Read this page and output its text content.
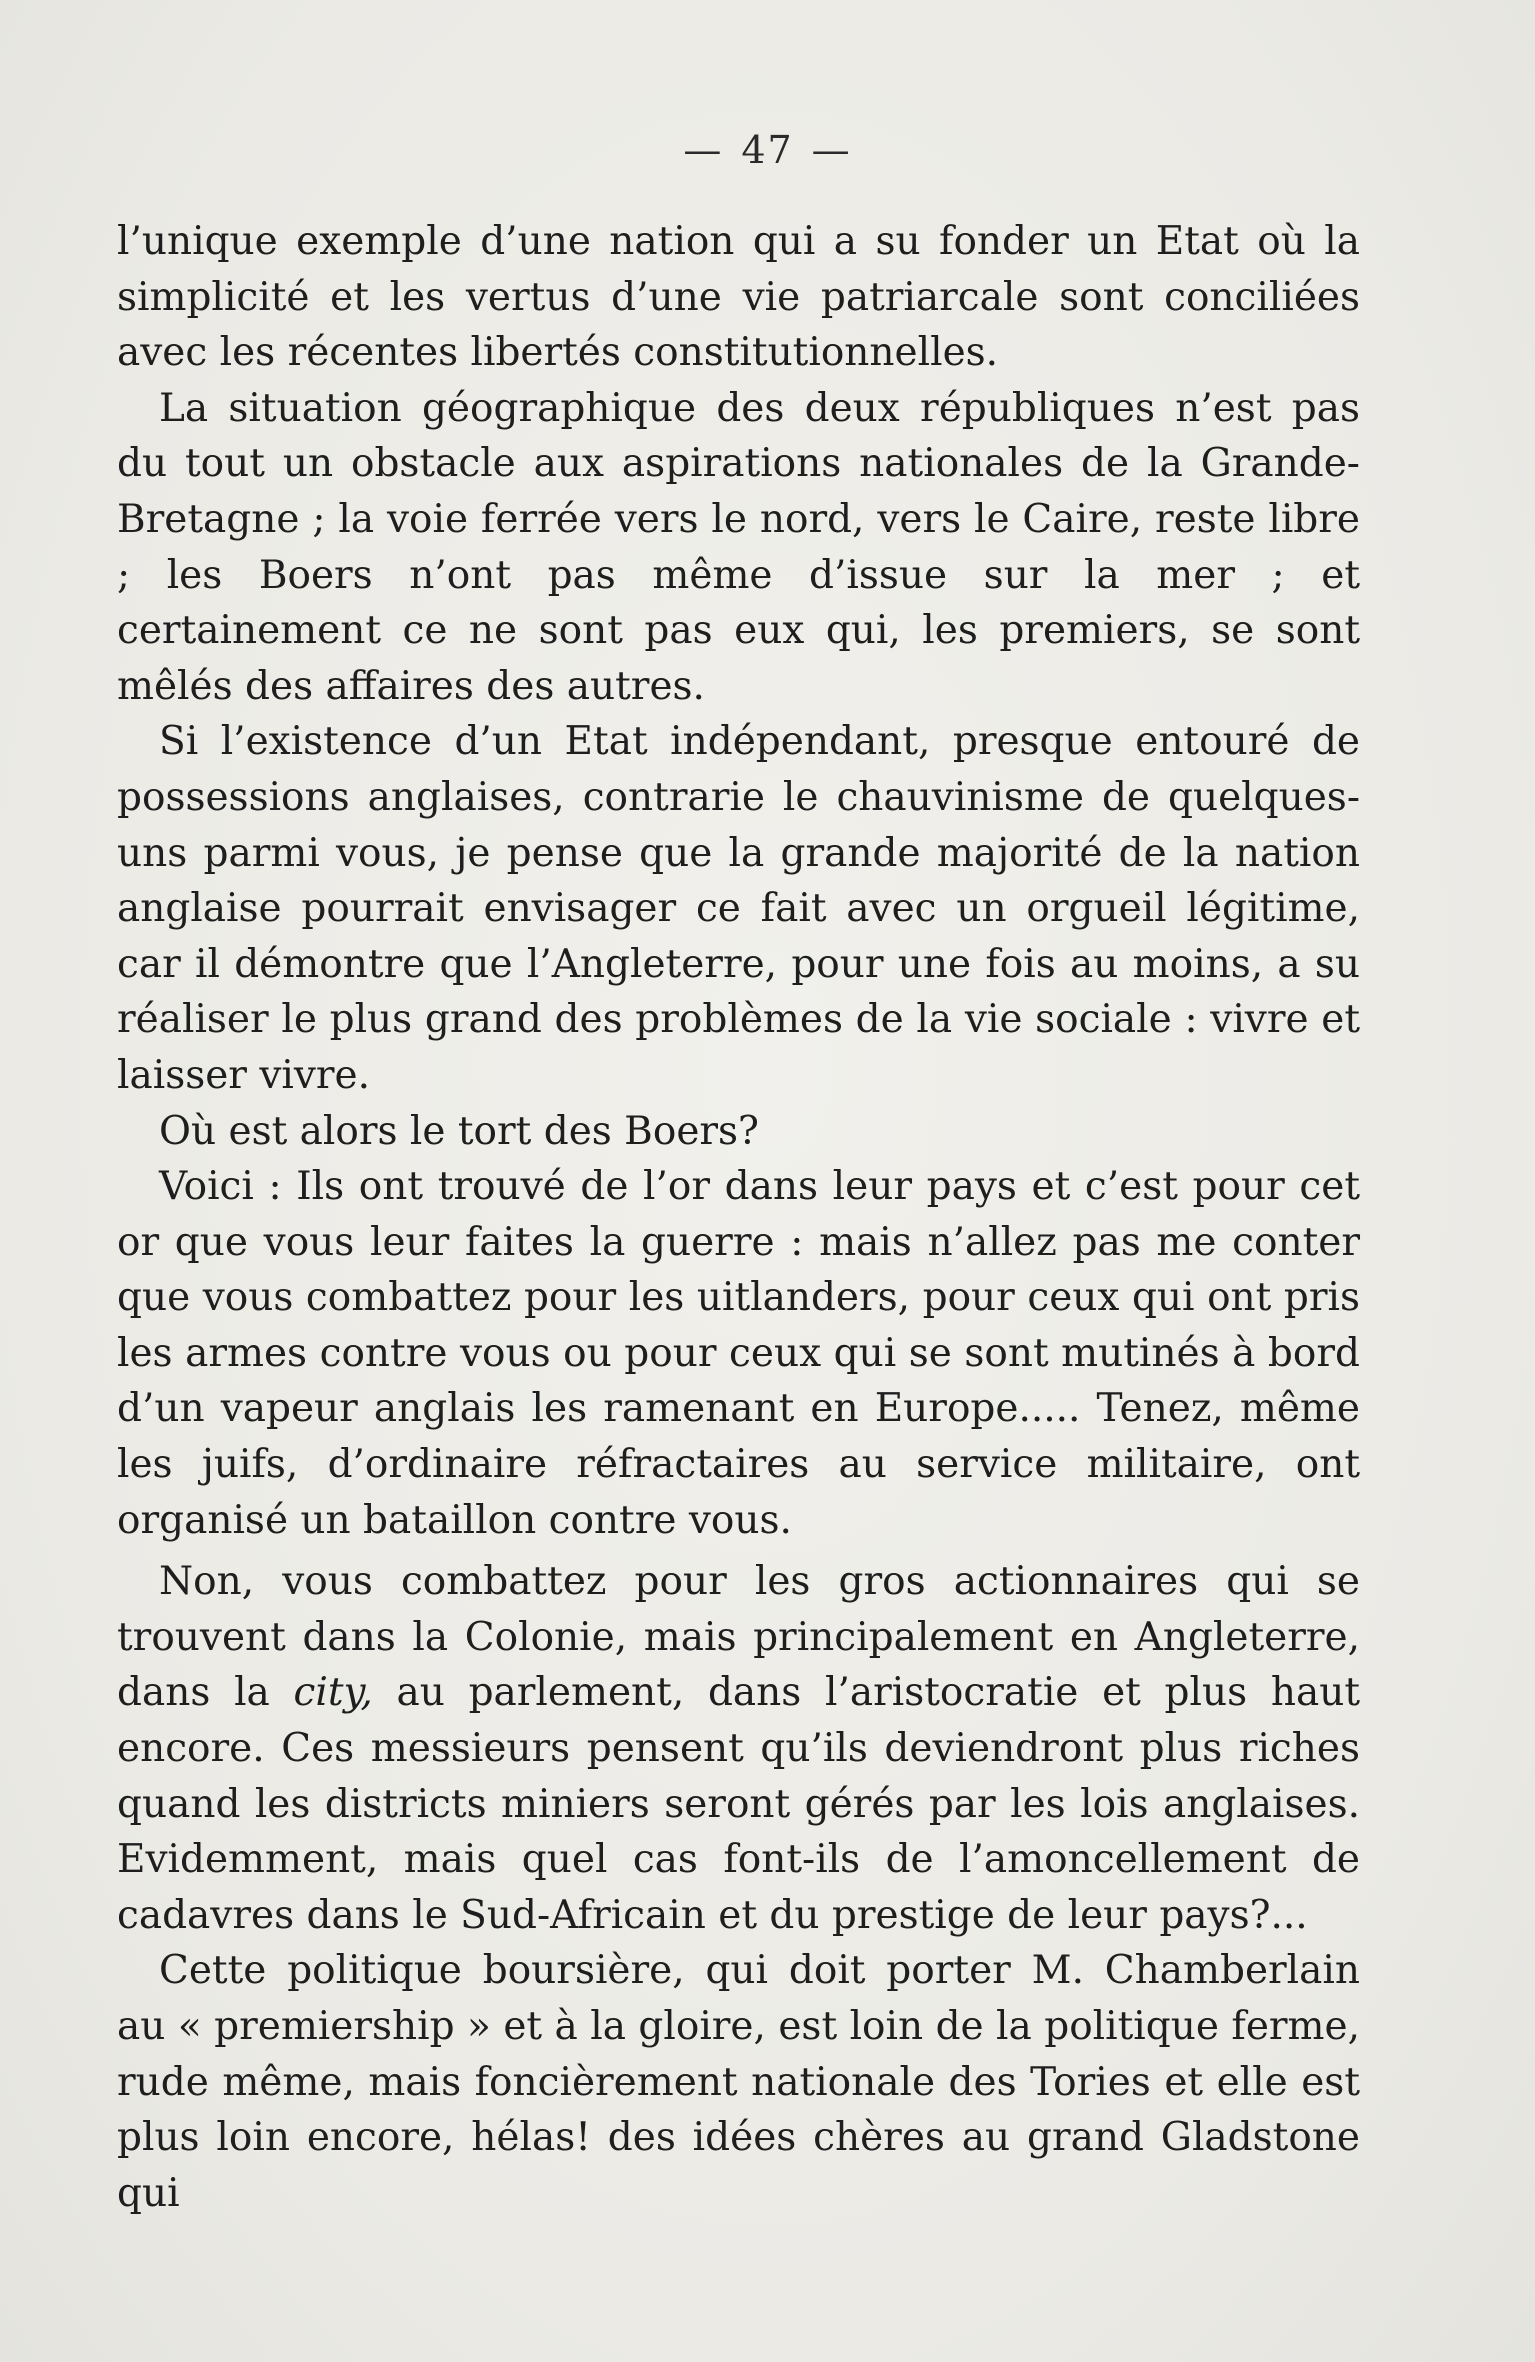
— 47 —

l’unique exemple d’une nation qui a su fonder un Etat où la simplicité et les vertus d’une vie patriarcale sont conciliées avec les récentes libertés constitutionnelles.

La situation géographique des deux républiques n’est pas du tout un obstacle aux aspirations nationales de la Grande-Bretagne ; la voie ferrée vers le nord, vers le Caire, reste libre ; les Boers n’ont pas même d’issue sur la mer ; et certainement ce ne sont pas eux qui, les premiers, se sont mêlés des affaires des autres.

Si l’existence d’un Etat indépendant, presque entouré de possessions anglaises, contrarie le chauvinisme de quelques-uns parmi vous, je pense que la grande majorité de la nation anglaise pourrait envisager ce fait avec un orgueil légitime, car il démontre que l’Angleterre, pour une fois au moins, a su réaliser le plus grand des problèmes de la vie sociale : vivre et laisser vivre.

Où est alors le tort des Boers?

Voici : Ils ont trouvé de l’or dans leur pays et c’est pour cet or que vous leur faites la guerre : mais n’allez pas me conter que vous combattez pour les uitlanders, pour ceux qui ont pris les armes contre vous ou pour ceux qui se sont mutinés à bord d’un vapeur anglais les ramenant en Europe..... Tenez, même les juifs, d’ordinaire réfractaires au service militaire, ont organisé un bataillon contre vous.

Non, vous combattez pour les gros actionnaires qui se trouvent dans la Colonie, mais principalement en Angleterre, dans la city, au parlement, dans l’aristocratie et plus haut encore. Ces messieurs pensent qu’ils deviendront plus riches quand les districts miniers seront gérés par les lois anglaises. Evidemment, mais quel cas font-ils de l’amoncellement de cadavres dans le Sud-Africain et du prestige de leur pays?...

Cette politique boursière, qui doit porter M. Chamberlain au « premiership » et à la gloire, est loin de la politique ferme, rude même, mais foncièrement nationale des Tories et elle est plus loin encore, hélas! des idées chères au grand Gladstone qui
